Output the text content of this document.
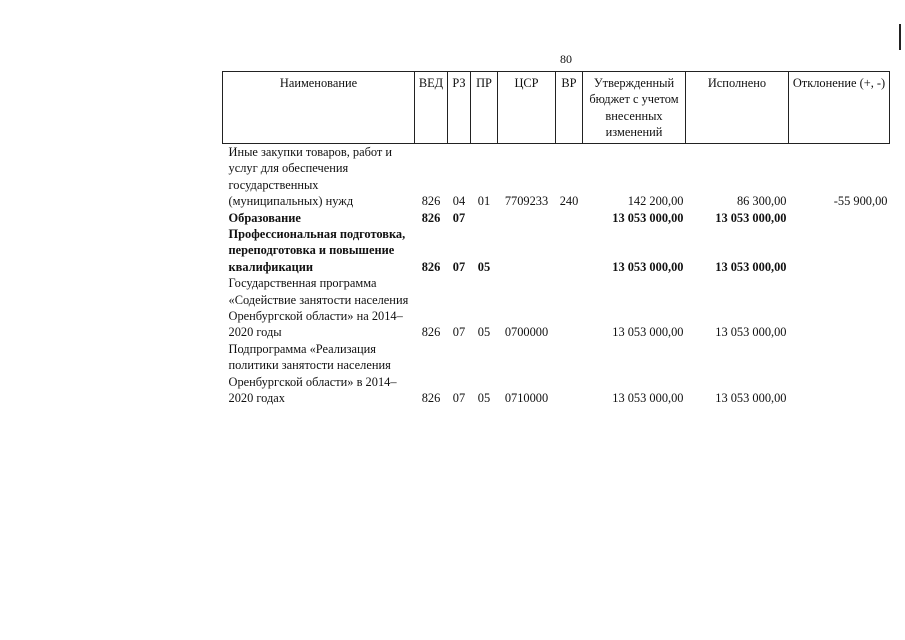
80
Наименование	ВЕД	РЗ	ПР	ЦСР	ВР	Утвержденный бюджет с учетом внесенных изменений	Исполнено	Отклонение (+, -)
Иные закупки товаров, работ и услуг для обеспечения государственных (муниципальных) нужд	826	04	01	7709233	240	142 200,00	86 300,00	-55 900,00
Образование	826	07				13 053 000,00	13 053 000,00	
Профессиональная подготовка, переподготовка и повышение квалификации	826	07	05			13 053 000,00	13 053 000,00	
Государственная программа «Содействие занятости населения Оренбургской области» на 2014–2020 годы	826	07	05	0700000		13 053 000,00	13 053 000,00	
Подпрограмма «Реализация политики занятости населения Оренбургской области» в 2014–2020 годах	826	07	05	0710000		13 053 000,00	13 053 000,00	
